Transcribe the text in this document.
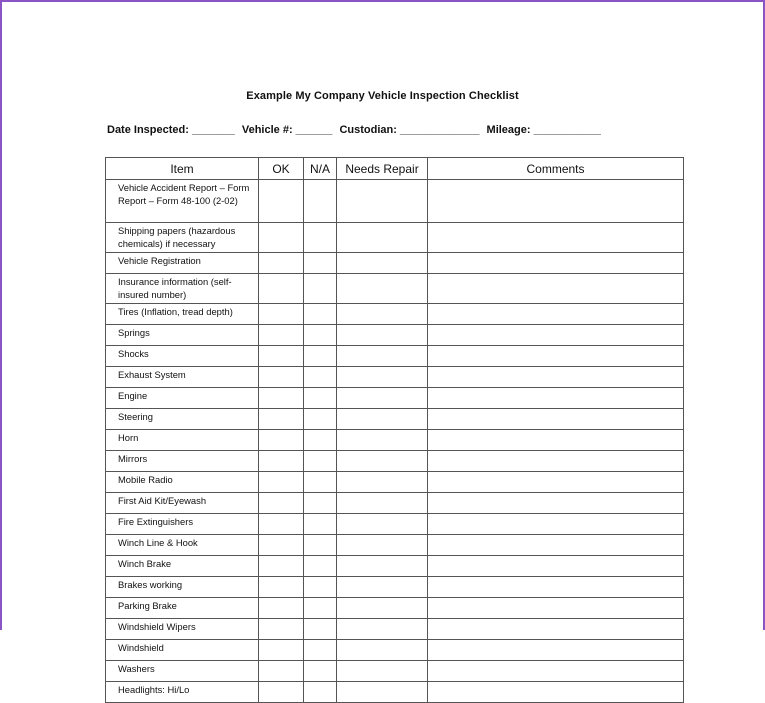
Example My Company Vehicle Inspection Checklist
Date Inspected: _______ Vehicle #: ______ Custodian: _____________ Mileage: ___________
Item	OK	N/A	Needs Repair	Comments
Vehicle Accident Report – Form Report – Form 48-100 (2-02)				
Shipping papers (hazardous chemicals) if necessary				
Vehicle Registration				
Insurance information (self-insured number)				
Tires (Inflation, tread depth)				
Springs				
Shocks				
Exhaust System				
Engine				
Steering				
Horn				
Mirrors				
Mobile Radio				
First Aid Kit/Eyewash				
Fire Extinguishers				
Winch Line & Hook				
Winch Brake				
Brakes working				
Parking Brake				
Windshield Wipers				
Windshield				
Washers				
Headlights: Hi/Lo				
